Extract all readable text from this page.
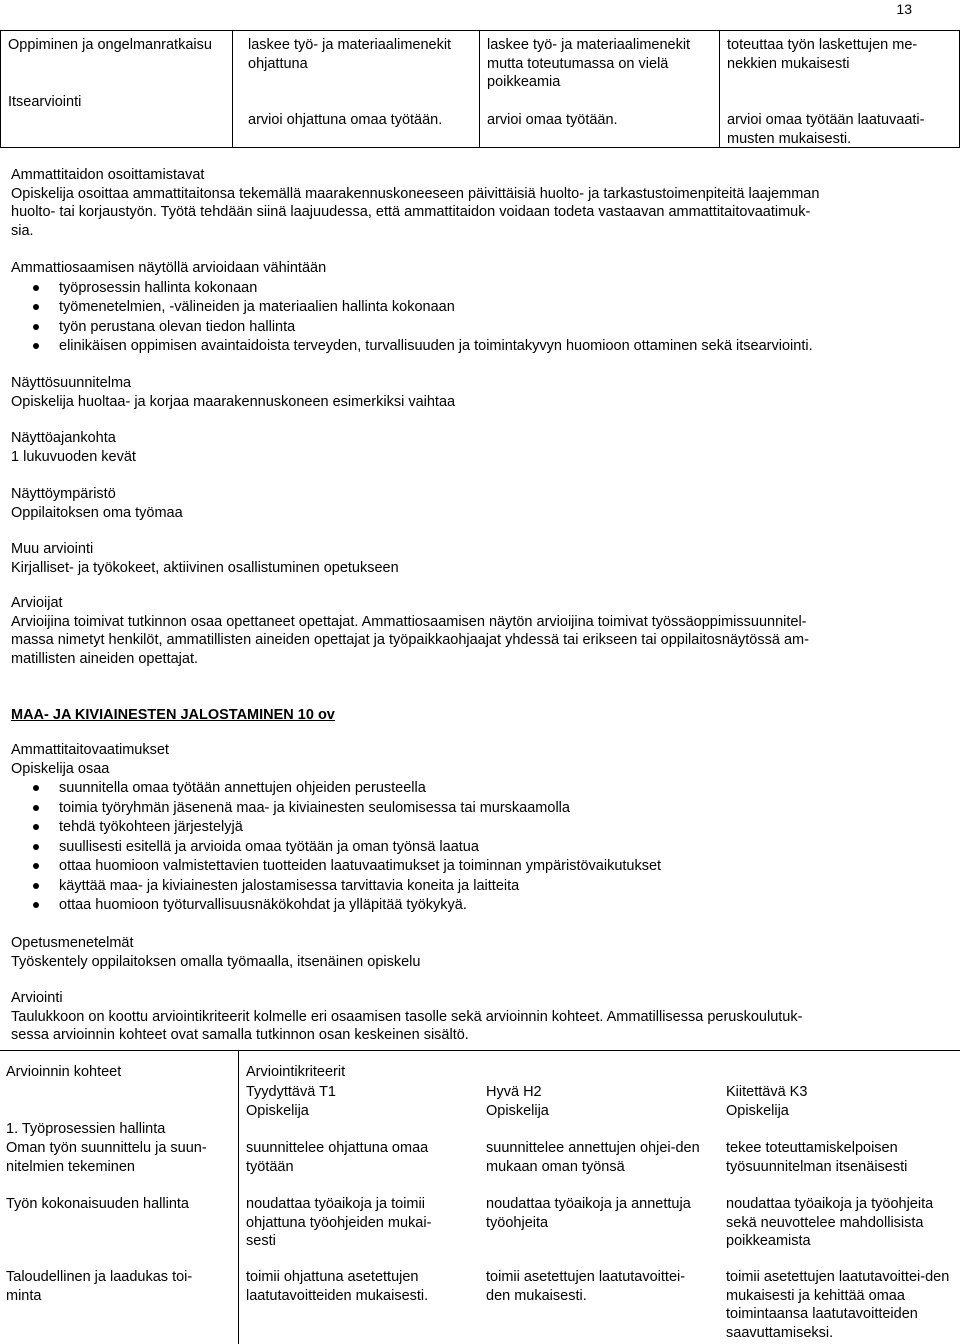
13
Oppiminen ja ongelmanratkaisu
Itsearviointi
laskee työ- ja materiaalimenekit ohjattuna
arvioi ohjattuna omaa työtään.
laskee työ- ja materiaalimenekit mutta toteutumassa on vielä poikkeamia
arvioi omaa työtään.
toteuttaa työn laskettujen me-nekkien mukaisesti
arvioi omaa työtään laatuvaati-musten mukaisesti.

Ammattitaidon osoittamistavat

Opiskelija osoittaa ammattitaitonsa tekemällä maarakennuskoneeseen päivittäisiä huolto- ja tarkastustoimenpiteitä laajemman

huolto- tai korjaustyön. Työtä tehdään siinä laajuudessa, että ammattitaidon voidaan todeta vastaavan ammattitaitovaatimuk-

sia.

Ammattiosaamisen näytöllä arvioidaan vähintään

työprosessin hallinta kokonaan
työmenetelmien, -välineiden ja materiaalien hallinta kokonaan
työn perustana olevan tiedon hallinta
elinikäisen oppimisen avaintaidoista terveyden, turvallisuuden ja toimintakyvyn huomioon ottaminen sekä itsearviointi.

Näyttösuunnitelma

Opiskelija huoltaa- ja korjaa maarakennuskoneen esimerkiksi vaihtaa

Näyttöajankohta

1 lukuvuoden kevät

Näyttöympäristö

Oppilaitoksen oma työmaa

Muu arviointi

Kirjalliset- ja työkokeet, aktiivinen osallistuminen opetukseen

Arvioijat

Arvioijina toimivat tutkinnon osaa opettaneet opettajat. Ammattiosaamisen näytön arvioijina toimivat työssäoppimissuunnitel-

massa nimetyt henkilöt, ammatillisten aineiden opettajat ja työpaikkaohjaajat yhdessä tai erikseen tai oppilaitosnäytössä am-

matillisten aineiden opettajat.

MAA- JA KIVIAINESTEN JALOSTAMINEN 10 ov

Ammattitaitovaatimukset

Opiskelija osaa

suunnitella omaa työtään annettujen ohjeiden perusteella
toimia työryhmän jäsenenä maa- ja kiviainesten seulomisessa tai murskaamolla
tehdä työkohteen järjestelyjä
suullisesti esitellä ja arvioida omaa työtään ja oman työnsä laatua
ottaa huomioon valmistettavien tuotteiden laatuvaatimukset ja toiminnan ympäristövaikutukset
käyttää maa- ja kiviainesten jalostamisessa tarvittavia koneita ja laitteita
ottaa huomioon työturvallisuusnäkökohdat ja ylläpitää työkykyä.

Opetusmenetelmät

Työskentely oppilaitoksen omalla työmaalla, itsenäinen opiskelu

Arviointi

Taulukkoon on koottu arviointikriteerit kolmelle eri osaamisen tasolle sekä arvioinnin kohteet. Ammatillisessa peruskoulutuk-

sessa arvioinnin kohteet ovat samalla tutkinnon osan keskeinen sisältö.

Arvioinnin kohteet	Arviointikriteerit

Tyydyttävä T1

Opiskelija

Hyvä H2

Opiskelija

Kiitettävä K3

Opiskelija

1. Työprosessien hallinta
Oman työn suunnittelu ja suun-nitelmien tekeminen
suunnittelee ohjattuna omaa työtään
suunnittelee annettujen ohjei-den mukaan oman työnsä
tekee toteuttamiskelpoisen työsuunnitelman itsenäisesti
Työn kokonaisuuden hallinta	noudattaa työaikoja ja toimii ohjattuna työohjeiden mukai-sesti
noudattaa työaikoja ja annettuja työohjeita
noudattaa työaikoja ja työohjeita sekä neuvottelee mahdollisista poikkeamista
Taloudellinen ja laadukas toi-minta
toimii ohjattuna asetettujen laatutavoitteiden mukaisesti.
toimii asetettujen laatutavoittei-den mukaisesti.
toimii asetettujen laatutavoittei-den mukaisesti ja kehittää omaa toimintaansa laatutavoitteiden saavuttamiseksi.
